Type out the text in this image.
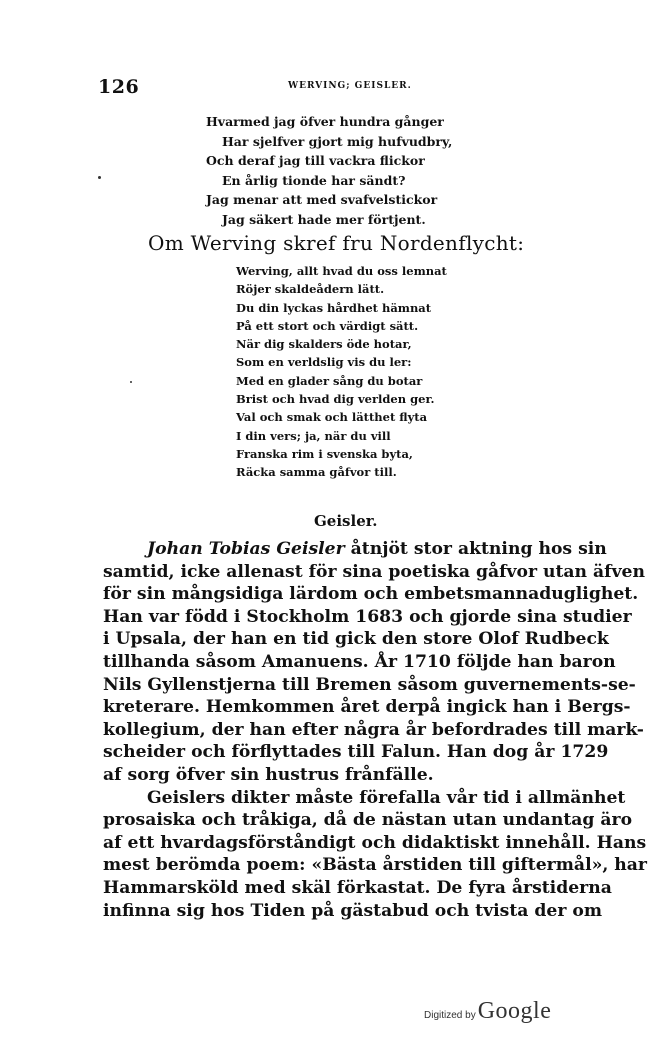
126	WERVING; GEISLER.
Hvarmed jag öfver hundra gånger
Har sjelfver gjort mig hufvudbry,
Och deraf jag till vackra flickor
En årlig tionde har sändt?
Jag menar att med svafvelstickor
Jag säkert hade mer förtjent.
Om Werving skref fru Nordenflycht:
Werving, allt hvad du oss lemnat
Röjer skaldeådern lätt.
Du din lyckas hårdhet hämnat
På ett stort och värdigt sätt.
När dig skalders öde hotar,
Som en verldslig vis du ler:
Med en glader sång du botar
Brist och hvad dig verlden ger.
Val och smak och lätthet flyta
I din vers; ja, när du vill
Franska rim i svenska byta,
Räcka samma gåfvor till.
Geisler.
Johan Tobias Geisler åtnjöt stor aktning hos sin
samtid, icke allenast för sina poetiska gåfvor utan äfven
för sin mångsidiga lärdom och embetsmannaduglighet.
Han var född i Stockholm 1683 och gjorde sina studier
i Upsala, der han en tid gick den store Olof Rudbeck
tillhanda såsom Amanuens. År 1710 följde han baron
Nils Gyllenstjerna till Bremen såsom guvernements-se-
kreterare. Hemkommen året derpå ingick han i Bergs-
kollegium, der han efter några år befordrades till mark-
scheider och förflyttades till Falun. Han dog år 1729
af sorg öfver sin hustrus frånfälle.
Geislers dikter måste förefalla vår tid i allmänhet
prosaiska och tråkiga, då de nästan utan undantag äro
af ett hvardagsförståndigt och didaktiskt innehåll. Hans
mest berömda poem: «Bästa årstiden till giftermål», har
Hammarsköld med skäl förkastat. De fyra årstiderna
infinna sig hos Tiden på gästabud och tvista der om
Digitized by Google
